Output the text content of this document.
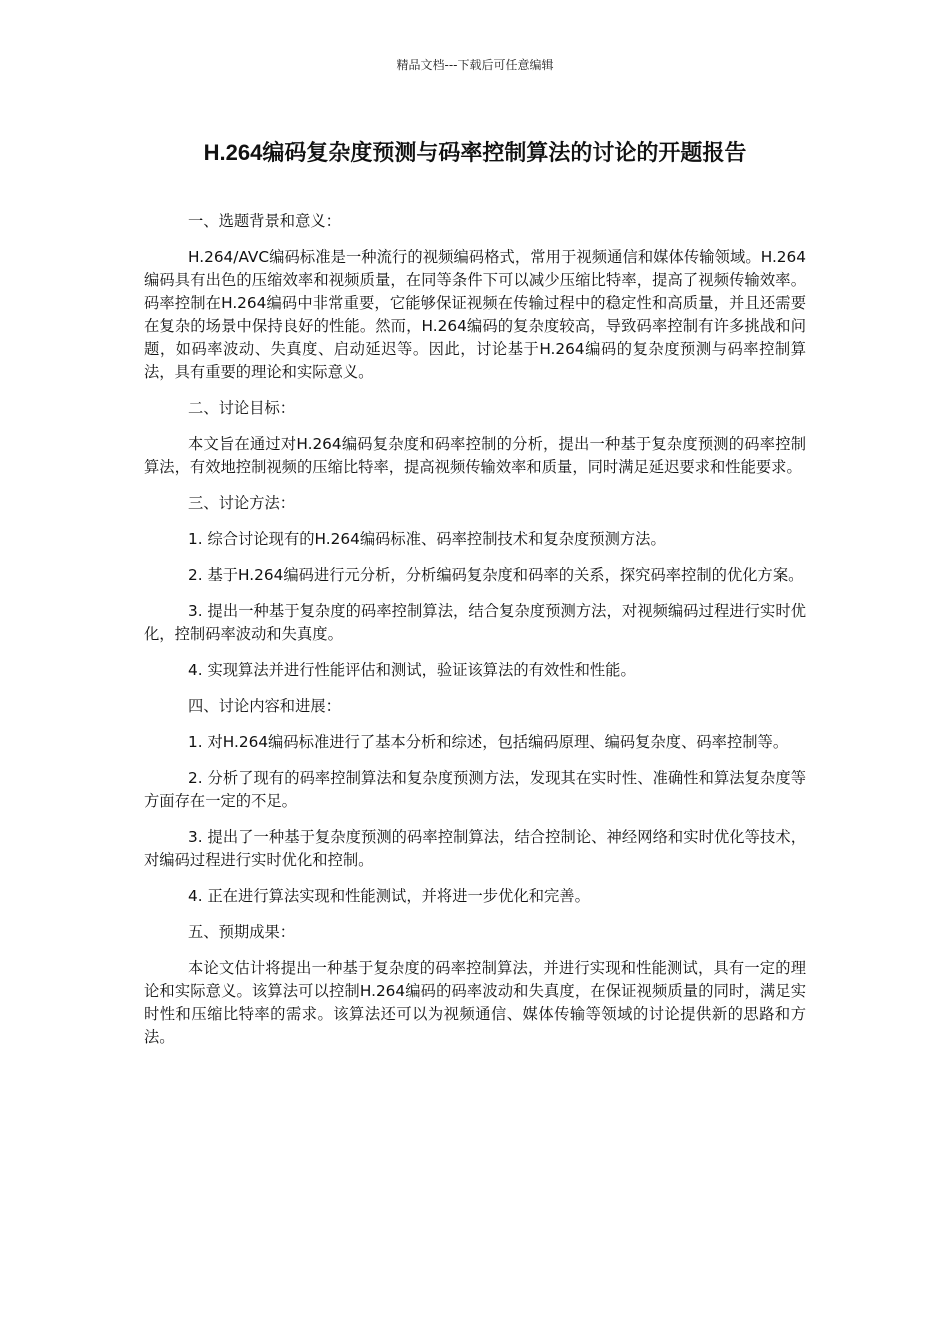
精品文档---下载后可任意编辑
H.264编码复杂度预测与码率控制算法的讨论的开题报告

一、选题背景和意义：

H.264/AVC编码标准是一种流行的视频编码格式，常用于视频通信和媒体传输领域。H.264编码具有出色的压缩效率和视频质量，在同等条件下可以减少压缩比特率，提高了视频传输效率。码率控制在H.264编码中非常重要，它能够保证视频在传输过程中的稳定性和高质量，并且还需要在复杂的场景中保持良好的性能。然而，H.264编码的复杂度较高，导致码率控制有许多挑战和问题，如码率波动、失真度、启动延迟等。因此，讨论基于H.264编码的复杂度预测与码率控制算法，具有重要的理论和实际意义。

二、讨论目标：

本文旨在通过对H.264编码复杂度和码率控制的分析，提出一种基于复杂度预测的码率控制算法，有效地控制视频的压缩比特率，提高视频传输效率和质量，同时满足延迟要求和性能要求。

三、讨论方法：

1. 综合讨论现有的H.264编码标准、码率控制技术和复杂度预测方法。

2. 基于H.264编码进行元分析，分析编码复杂度和码率的关系，探究码率控制的优化方案。

3. 提出一种基于复杂度的码率控制算法，结合复杂度预测方法，对视频编码过程进行实时优化，控制码率波动和失真度。

4. 实现算法并进行性能评估和测试，验证该算法的有效性和性能。

四、讨论内容和进展：

1. 对H.264编码标准进行了基本分析和综述，包括编码原理、编码复杂度、码率控制等。

2. 分析了现有的码率控制算法和复杂度预测方法，发现其在实时性、准确性和算法复杂度等方面存在一定的不足。

3. 提出了一种基于复杂度预测的码率控制算法，结合控制论、神经网络和实时优化等技术，对编码过程进行实时优化和控制。

4. 正在进行算法实现和性能测试，并将进一步优化和完善。

五、预期成果：

本论文估计将提出一种基于复杂度的码率控制算法，并进行实现和性能测试，具有一定的理论和实际意义。该算法可以控制H.264编码的码率波动和失真度，在保证视频质量的同时，满足实时性和压缩比特率的需求。该算法还可以为视频通信、媒体传输等领域的讨论提供新的思路和方法。
